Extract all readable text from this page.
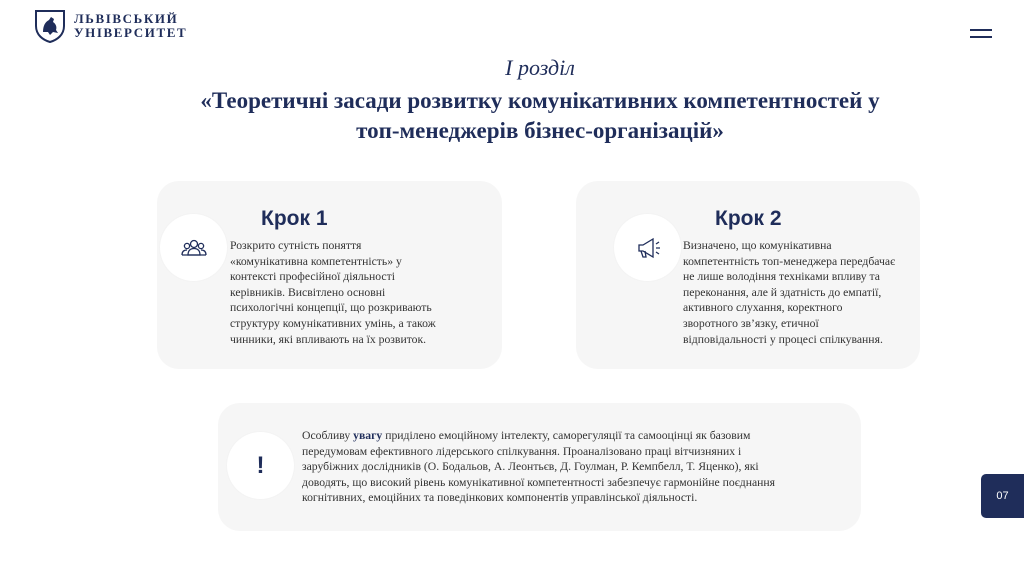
ЛЬВІВСЬКИЙ
УНІВЕРСИТЕТ
І розділ
«Теоретичні засади розвитку комунікативних компетентностей у
топ-менеджерів бізнес-організацій»
Крок 1
Розкрито сутність поняття
«комунікативна компетентність» у
контексті професійної діяльності
керівників. Висвітлено основні
психологічні концепції, що розкривають
структуру комунікативних умінь, а також
чинники, які впливають на їх розвиток.
Крок 2
Визначено, що комунікативна
компетентність топ-менеджера передбачає
не лише володіння техніками впливу та
переконання, але й здатність до емпатії,
активного слухання, коректного
зворотного зв’язку, етичної
відповідальності у процесі спілкування.
!
Особливу увагу приділено емоційному інтелекту, саморегуляції та самооцінці як базовим
передумовам ефективного лідерського спілкування. Проаналізовано праці вітчизняних і
зарубіжних дослідників (О. Бодальов, А. Леонтьєв, Д. Гоулман, Р. Кемпбелл, Т. Яценко), які
доводять, що високий рівень комунікативної компетентності забезпечує гармонійне поєднання
когнітивних, емоційних та поведінкових компонентів управлінської діяльності.	07
